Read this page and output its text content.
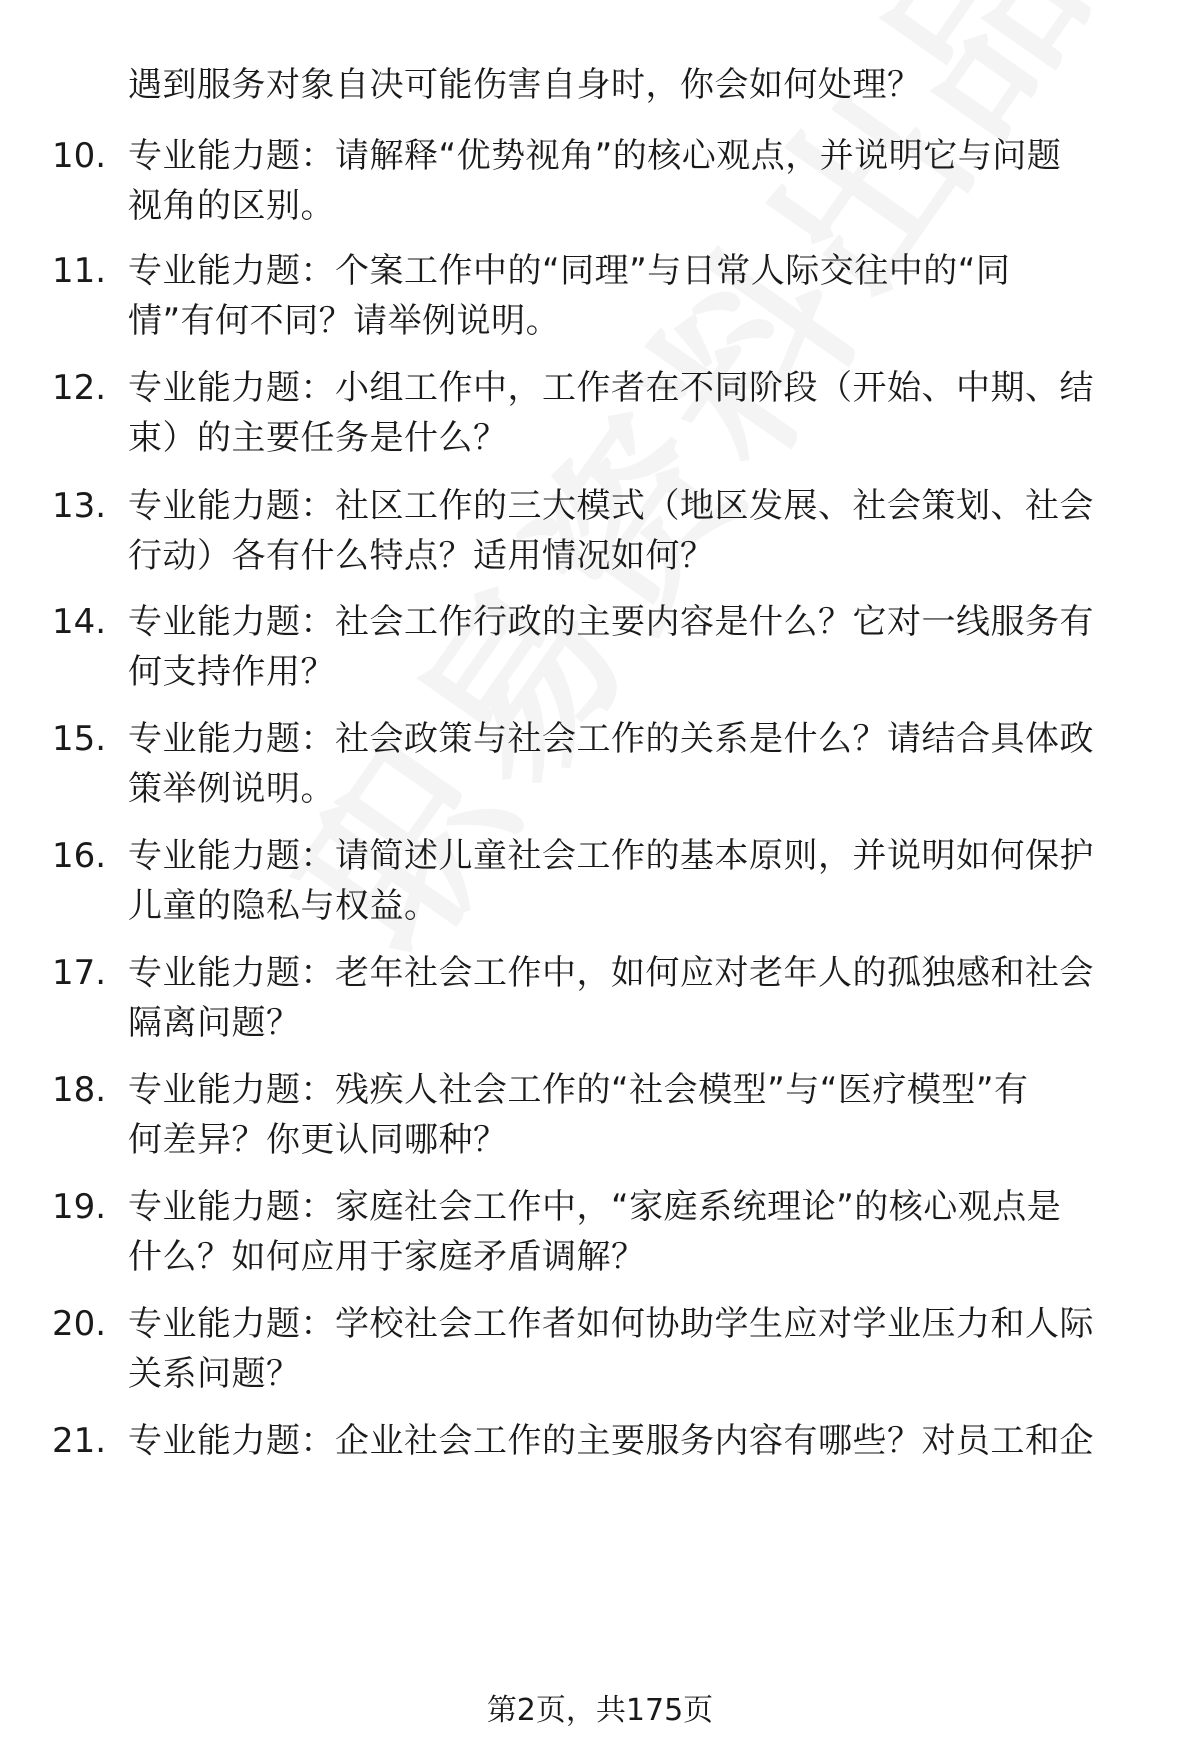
遇到服务对象自决可能伤害自身时，你会如何处理？
10. 专业能力题：请解释“优势视角”的核心观点，并说明它与问题
视角的区别。
11. 专业能力题：个案工作中的“同理”与日常人际交往中的“同
情”有何不同？请举例说明。
12. 专业能力题：小组工作中，工作者在不同阶段（开始、中期、结
束）的主要任务是什么？
13. 专业能力题：社区工作的三大模式（地区发展、社会策划、社会
行动）各有什么特点？适用情况如何？
14. 专业能力题：社会工作行政的主要内容是什么？它对一线服务有
何支持作用？
15. 专业能力题：社会政策与社会工作的关系是什么？请结合具体政
策举例说明。
16. 专业能力题：请简述儿童社会工作的基本原则，并说明如何保护
儿童的隐私与权益。
17. 专业能力题：老年社会工作中，如何应对老年人的孤独感和社会
隔离问题？
18. 专业能力题：残疾人社会工作的“社会模型”与“医疗模型”有
何差异？你更认同哪种？
19. 专业能力题：家庭社会工作中，“家庭系统理论”的核心观点是
什么？如何应用于家庭矛盾调解？
20. 专业能力题：学校社会工作者如何协助学生应对学业压力和人际
关系问题？
21. 专业能力题：企业社会工作的主要服务内容有哪些？对员工和企
第2页，共175页
